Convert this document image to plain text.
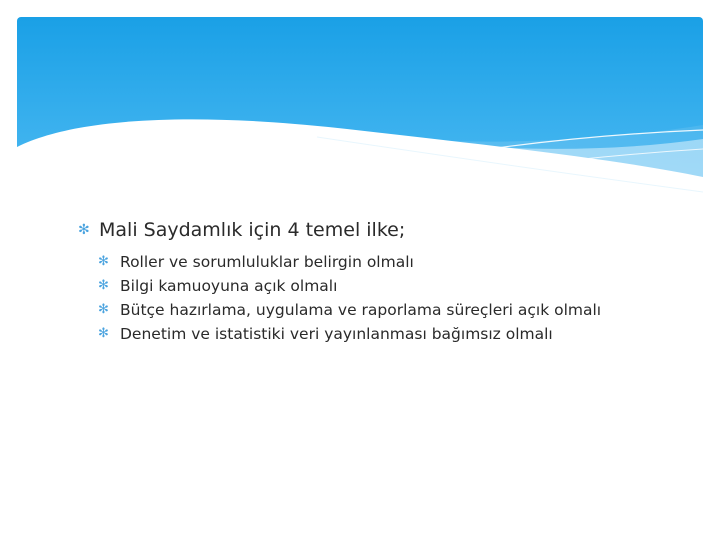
✻ Mali Saydamlık için 4 temel ilke;
✻ Roller ve sorumluluklar belirgin olmalı
✻ Bilgi kamuoyuna açık olmalı
✻ Bütçe hazırlama, uygulama ve raporlama süreçleri açık olmalı
✻ Denetim ve istatistiki veri yayınlanması bağımsız olmalı
